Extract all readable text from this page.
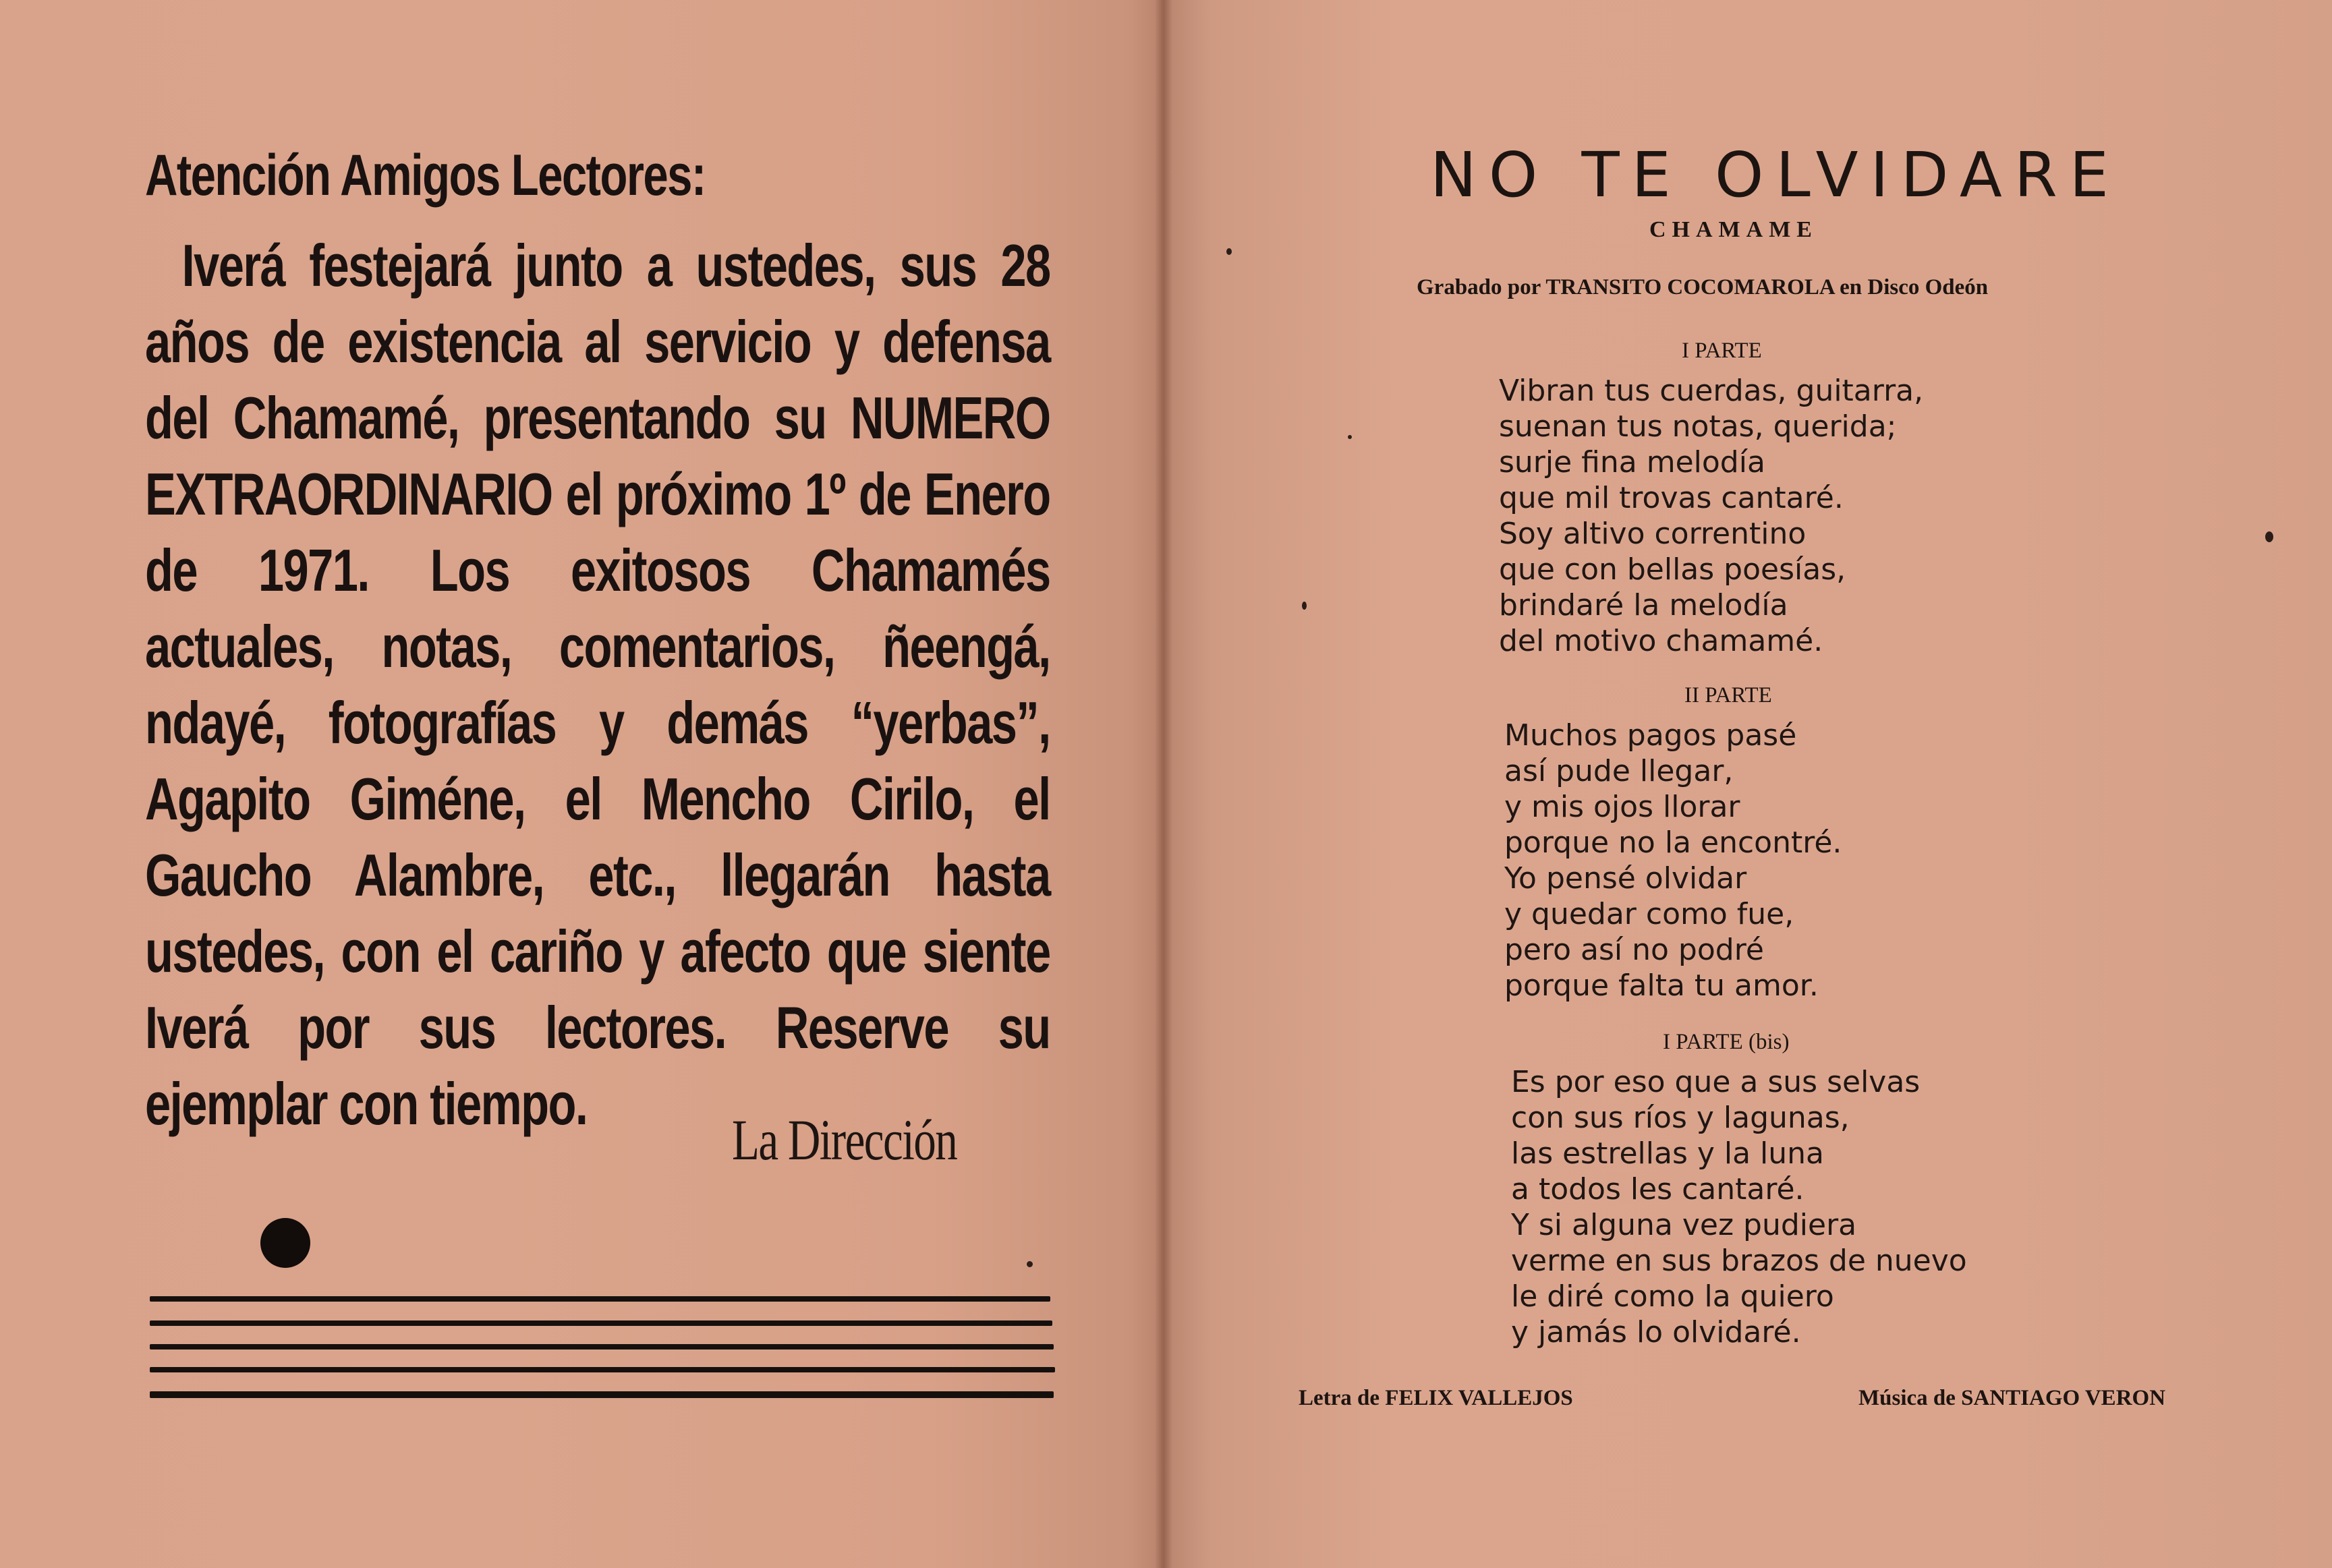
Atención Amigos Lectores:

Iverá festejará junto a ustedes, sus 28 años de existencia al servicio y defensa del Chamamé, presentando su NUMERO EXTRAORDINARIO el próximo 1º de Enero de 1971. Los exitosos Chamamés actuales, notas, comentarios, ñeengá, ndayé, fotografías y demás “yerbas”, Agapito Giméne, el Mencho Cirilo, el Gaucho Alambre, etc., llegarán hasta ustedes, con el cariño y afecto que siente Iverá por sus lectores. Reserve su ejemplar con tiempo.

La Dirección
NO TE OLVIDARE
CHAMAME
Grabado por TRANSITO COCOMAROLA en Disco Odeón
I PARTE
Vibran tus cuerdas, guitarra,
suenan tus notas, querida;
surje fina melodía
que mil trovas cantaré.
Soy altivo correntino
que con bellas poesías,
brindaré la melodía
del motivo chamamé.
II PARTE
Muchos pagos pasé
así pude llegar,
y mis ojos llorar
porque no la encontré.
Yo pensé olvidar
y quedar como fue,
pero así no podré
porque falta tu amor.
I PARTE (bis)
Es por eso que a sus selvas
con sus ríos y lagunas,
las estrellas y la luna
a todos les cantaré.
Y si alguna vez pudiera
verme en sus brazos de nuevo
le diré como la quiero
y jamás lo olvidaré.
Letra de FELIX VALLEJOS	Música de SANTIAGO VERON
